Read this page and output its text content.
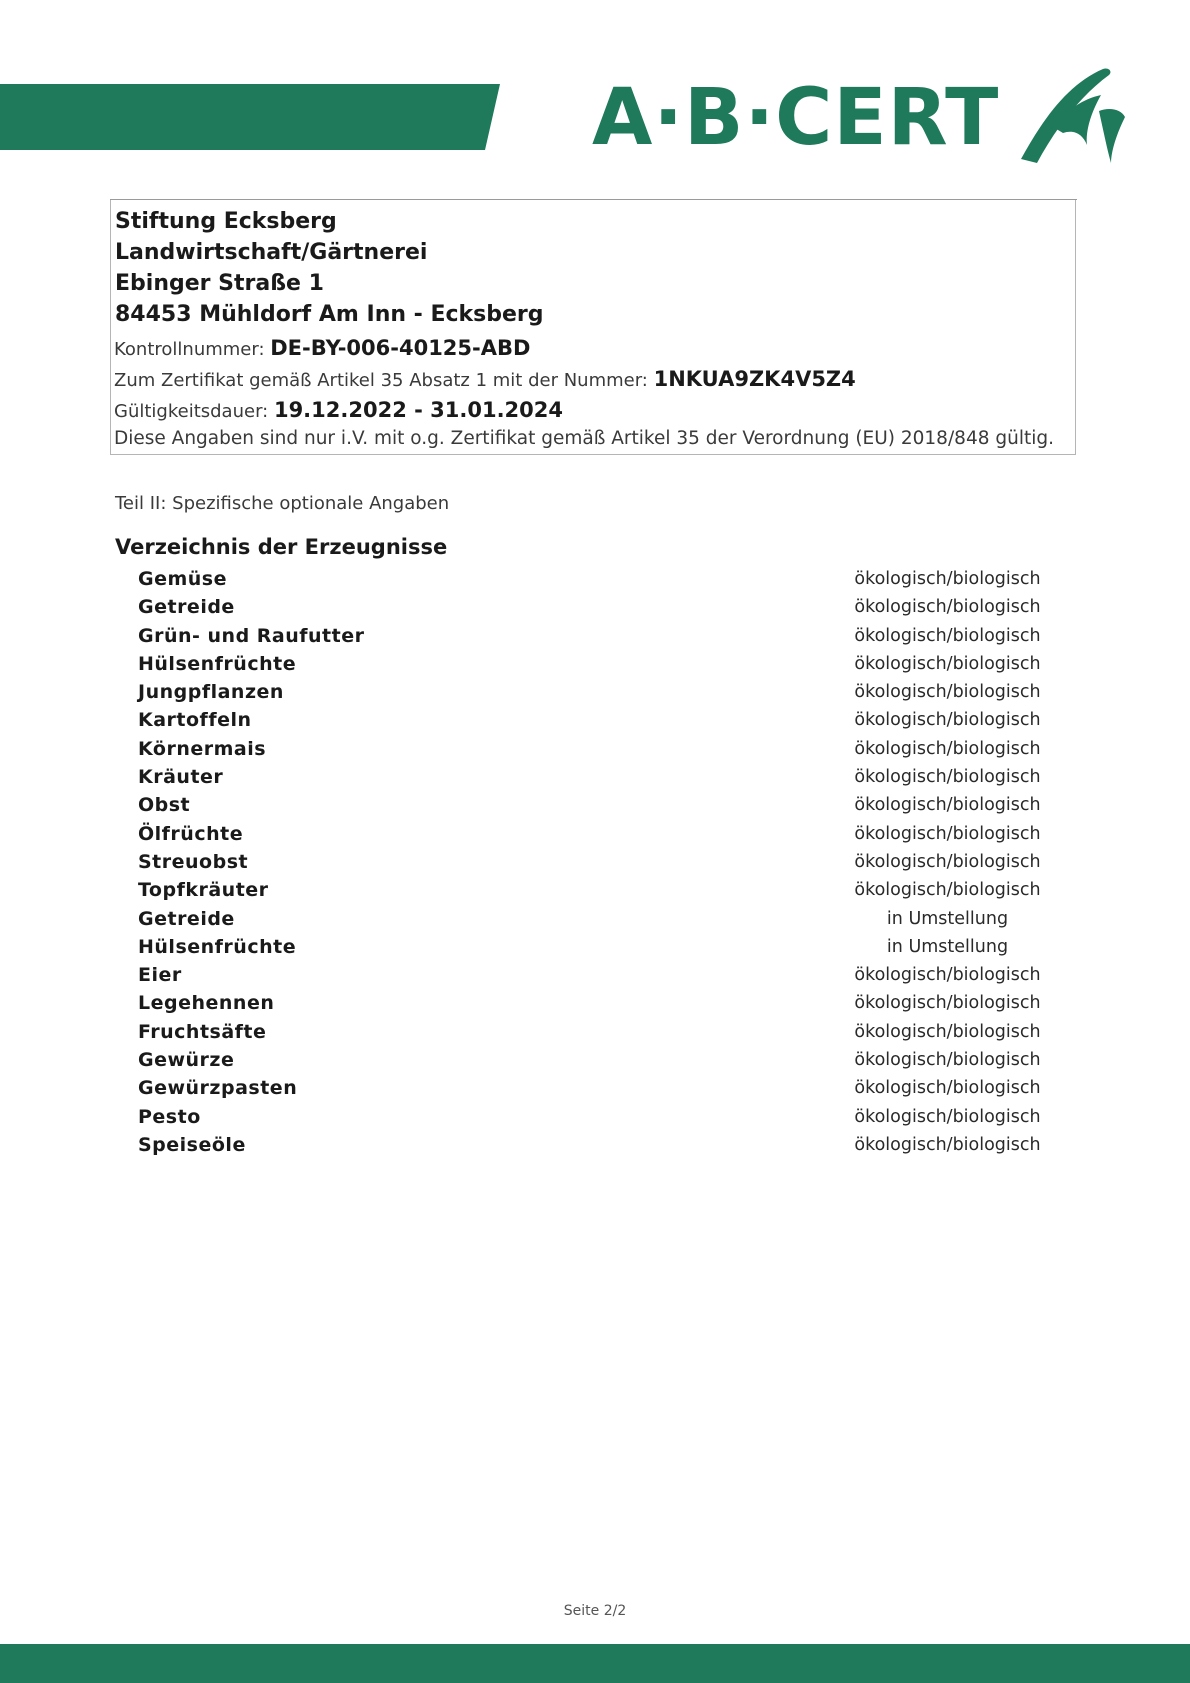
A·B·CERT
Stiftung Ecksberg
Landwirtschaft/Gärtnerei
Ebinger Straße 1
84453 Mühldorf Am Inn - Ecksberg
Kontrollnummer: DE-BY-006-40125-ABD
Zum Zertifikat gemäß Artikel 35 Absatz 1 mit der Nummer: 1NKUA9ZK4V5Z4
Gültigkeitsdauer: 19.12.2022 - 31.01.2024
Diese Angaben sind nur i.V. mit o.g. Zertifikat gemäß Artikel 35 der Verordnung (EU) 2018/848 gültig.
Teil II: Spezifische optionale Angaben
Verzeichnis der Erzeugnisse
Gemüse	ökologisch/biologisch
Getreide	ökologisch/biologisch
Grün- und Raufutter	ökologisch/biologisch
Hülsenfrüchte	ökologisch/biologisch
Jungpflanzen	ökologisch/biologisch
Kartoffeln	ökologisch/biologisch
Körnermais	ökologisch/biologisch
Kräuter	ökologisch/biologisch
Obst	ökologisch/biologisch
Ölfrüchte	ökologisch/biologisch
Streuobst	ökologisch/biologisch
Topfkräuter	ökologisch/biologisch
Getreide	in Umstellung
Hülsenfrüchte	in Umstellung
Eier	ökologisch/biologisch
Legehennen	ökologisch/biologisch
Fruchtsäfte	ökologisch/biologisch
Gewürze	ökologisch/biologisch
Gewürzpasten	ökologisch/biologisch
Pesto	ökologisch/biologisch
Speiseöle	ökologisch/biologisch
Seite 2/2
